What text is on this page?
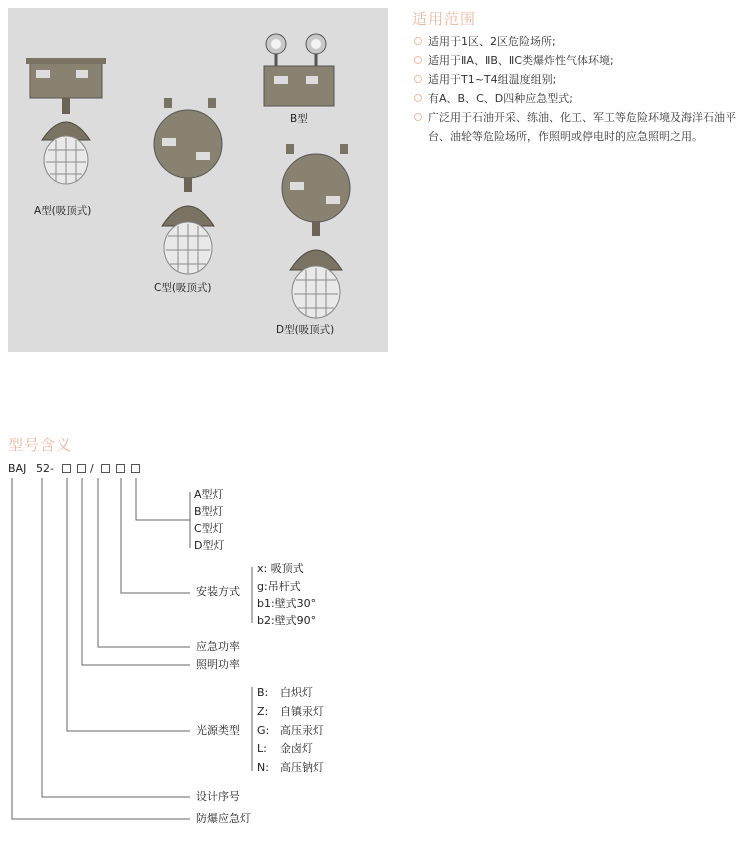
A型(吸顶式)
B型
C型(吸顶式)
D型(吸顶式)
适用范围
适用于1区、2区危险场所;
适用于ⅡA、ⅡB、ⅡC类爆炸性气体环境;
适用于T1~T4组温度组别;
有A、B、C、D四种应急型式;
广泛用于石油开采、练油、化工、军工等危险环境及海洋石油平台、油轮等危险场所，作照明或停电时的应急照明之用。
型号含义
BAJ 52-	/
A型灯
B型灯
C型灯
D型灯
安装方式
x: 吸顶式
g:吊杆式
b1:壁式30°
b2:壁式90°
应急功率
照明功率
光源类型
B: 白炽灯
Z: 自镇汞灯
G: 高压汞灯
L: 金卤灯
N: 高压钠灯
设计序号
防爆应急灯
